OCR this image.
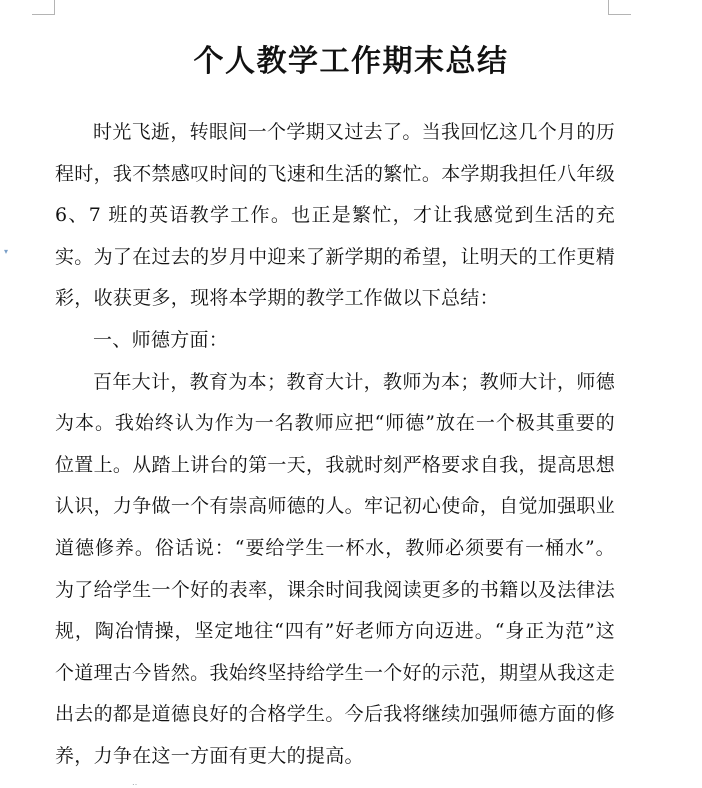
▾
个人教学工作期末总结

时光飞逝，转眼间一个学期又过去了。当我回忆这几个月的历程时，我不禁感叹时间的飞速和生活的繁忙。本学期我担任八年级 6、7 班的英语教学工作。也正是繁忙，才让我感觉到生活的充实。为了在过去的岁月中迎来了新学期的希望，让明天的工作更精彩，收获更多，现将本学期的教学工作做以下总结：

一、师德方面：

百年大计，教育为本；教育大计，教师为本；教师大计，师德为本。我始终认为作为一名教师应把“师德”放在一个极其重要的位置上。从踏上讲台的第一天，我就时刻严格要求自我，提高思想认识，力争做一个有崇高师德的人。牢记初心使命，自觉加强职业道德修养。俗话说：“要给学生一杯水，教师必须要有一桶水”。为了给学生一个好的表率，课余时间我阅读更多的书籍以及法律法规，陶冶情操，坚定地往“四有”好老师方向迈进。“身正为范”这个道理古今皆然。我始终坚持给学生一个好的示范，期望从我这走出去的都是道德良好的合格学生。今后我将继续加强师德方面的修养，力争在这一方面有更大的提高。

‥
